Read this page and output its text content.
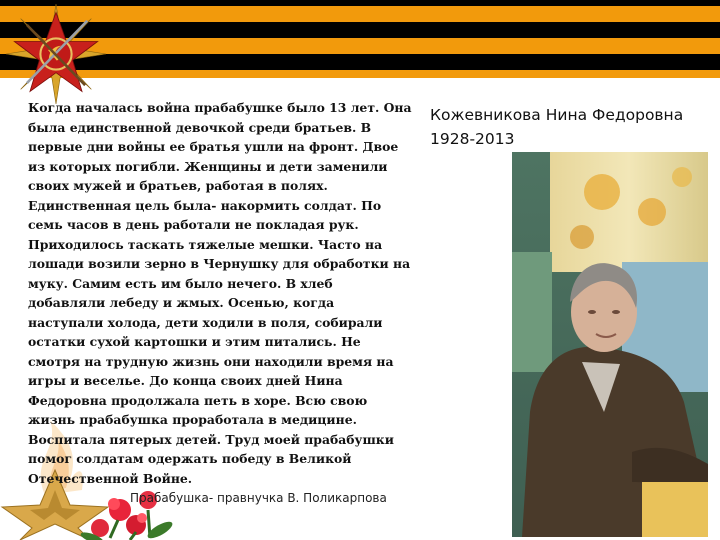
Когда началась война прабабушке было 13 лет. Она была единственной девочкой среди братьев. В первые дни войны ее братья ушли на фронт. Двое из которых погибли. Женщины и дети заменили своих мужей и братьев, работая в полях. Единственная цель была- накормить солдат. По семь часов в день работали не покладая рук. Приходилось таскать тяжелые мешки. Часто на лошади возили зерно в Чернушку для обработки на муку. Самим есть им было нечего. В хлеб добавляли лебеду и жмых. Осенью, когда наступали холода, дети ходили в поля, собирали остатки сухой картошки и этим питались. Не смотря на трудную жизнь они находили время на игры и веселье. До конца своих дней Нина Федоровна продолжала петь в хоре. Всю свою жизнь прабабушка проработала в медицине. Воспитала пятерых детей. Труд моей прабабушки помог солдатам одержать победу в Великой Отечественной Войне.
Прабабушка- правнучка В. Поликарпова
Кожевникова Нина Федоровна
1928-2013
